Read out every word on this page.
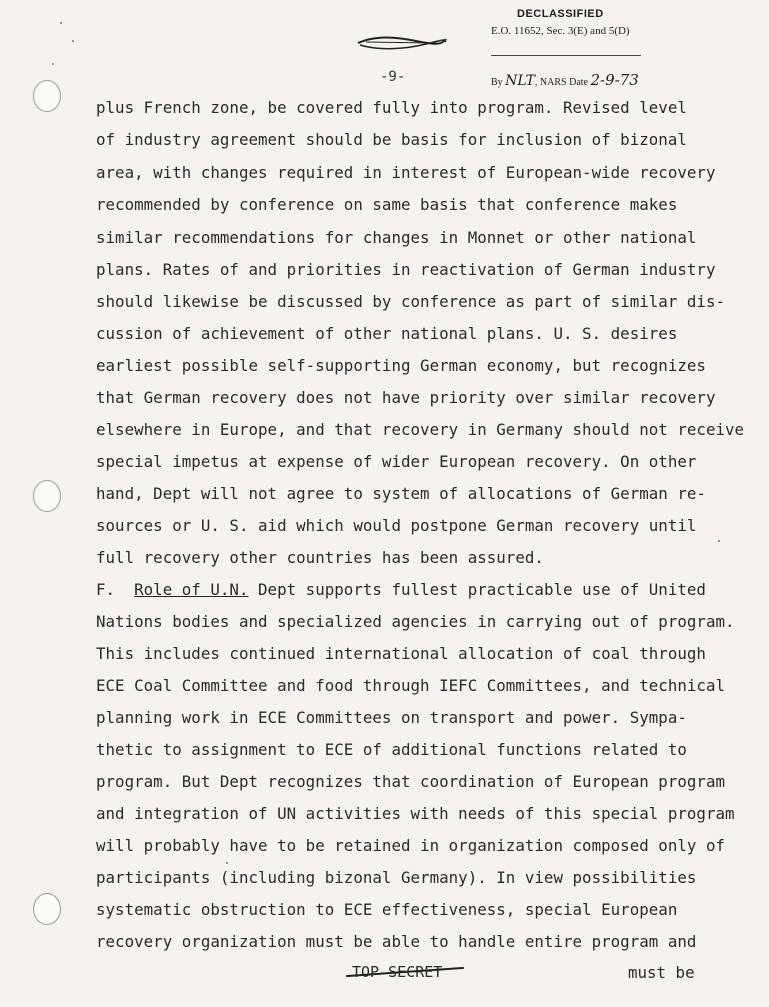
DECLASSIFIED
E.O. 11652, Sec. 3(E) and 5(D)
By NLT, NARS Date 2-9-73
-9-
plus French zone, be covered fully into program. Revised level
of industry agreement should be basis for inclusion of bizonal
area, with changes required in interest of European-wide recovery
recommended by conference on same basis that conference makes
similar recommendations for changes in Monnet or other national
plans. Rates of and priorities in reactivation of German industry
should likewise be discussed by conference as part of similar dis-
cussion of achievement of other national plans. U. S. desires
earliest possible self-supporting German economy, but recognizes
that German recovery does not have priority over similar recovery
elsewhere in Europe, and that recovery in Germany should not receive
special impetus at expense of wider European recovery. On other
hand, Dept will not agree to system of allocations of German re-
sources or U. S. aid which would postpone German recovery until
full recovery other countries has been assured.
F. Role of U.N. Dept supports fullest practicable use of United
Nations bodies and specialized agencies in carrying out of program.
This includes continued international allocation of coal through
ECE Coal Committee and food through IEFC Committees, and technical
planning work in ECE Committees on transport and power. Sympa-
thetic to assignment to ECE of additional functions related to
program. But Dept recognizes that coordination of European program
and integration of UN activities with needs of this special program
will probably have to be retained in organization composed only of
participants (including bizonal Germany). In view possibilities
systematic obstruction to ECE effectiveness, special European
recovery organization must be able to handle entire program and
TOP SECRET	must be
